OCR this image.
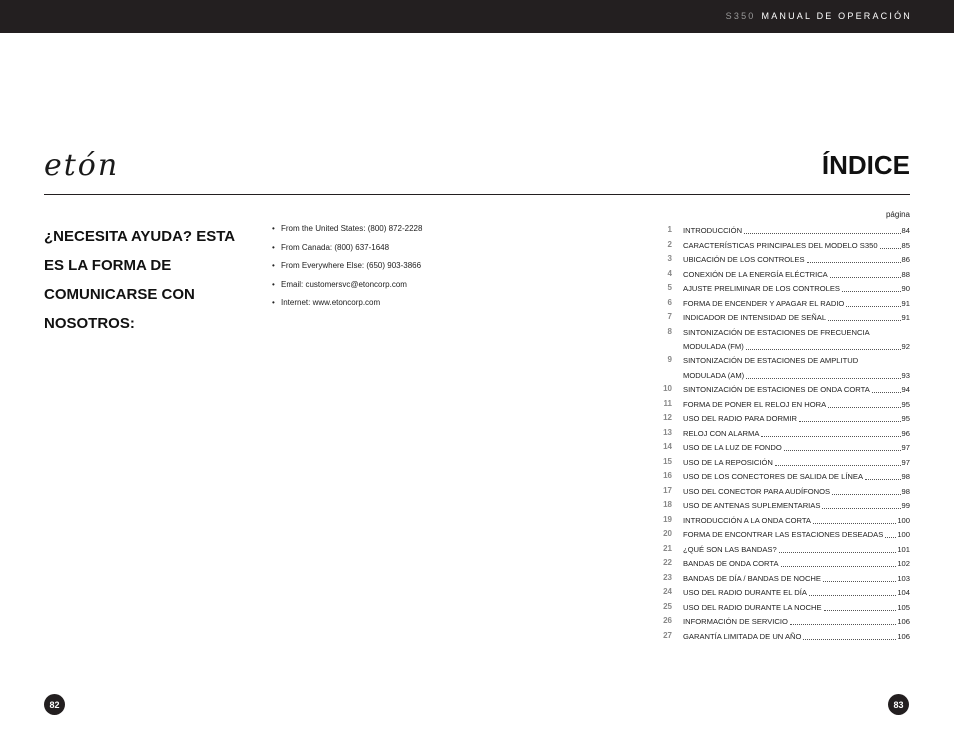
S350 MANUAL DE OPERACIÓN
etón	ÍNDICE
¿NECESITA AYUDA? ESTA ES LA FORMA DE COMUNICARSE CON NOSOTROS:
• From the United States: (800) 872-2228
• From Canada: (800) 637-1648
• From Everywhere Else: (650) 903-3866
• Email: customersvc@etoncorp.com
• Internet: www.etoncorp.com
página
1 INTRODUCCIÓN	84
2 CARACTERÍSTICAS PRINCIPALES DEL MODELO S350	85
3 UBICACIÓN DE LOS CONTROLES	86
4 CONEXIÓN DE LA ENERGÍA ELÉCTRICA	88
5 AJUSTE PRELIMINAR DE LOS CONTROLES	90
6 FORMA DE ENCENDER Y APAGAR EL RADIO	91
7 INDICADOR DE INTENSIDAD DE SEÑAL	91
8 SINTONIZACIÓN DE ESTACIONES DE FRECUENCIA
MODULADA (FM)	92
9 SINTONIZACIÓN DE ESTACIONES DE AMPLITUD
MODULADA (AM)	93
10 SINTONIZACIÓN DE ESTACIONES DE ONDA CORTA	94
11 FORMA DE PONER EL RELOJ EN HORA	95
12 USO DEL RADIO PARA DORMIR	95
13 RELOJ CON ALARMA	96
14 USO DE LA LUZ DE FONDO	97
15 USO DE LA REPOSICIÓN	97
16 USO DE LOS CONECTORES DE SALIDA DE LÍNEA	98
17 USO DEL CONECTOR PARA AUDÍFONOS	98
18 USO DE ANTENAS SUPLEMENTARIAS	99
19 INTRODUCCIÓN A LA ONDA CORTA	100
20 FORMA DE ENCONTRAR LAS ESTACIONES DESEADAS 100
21 ¿QUÉ SON LAS BANDAS?	101
22 BANDAS DE ONDA CORTA	102
23 BANDAS DE DÍA / BANDAS DE NOCHE	103
24 USO DEL RADIO DURANTE EL DÍA	104
25 USO DEL RADIO DURANTE LA NOCHE	105
26 INFORMACIÓN DE SERVICIO	106
27 GARANTÍA LIMITADA DE UN AÑO	106
82	83
